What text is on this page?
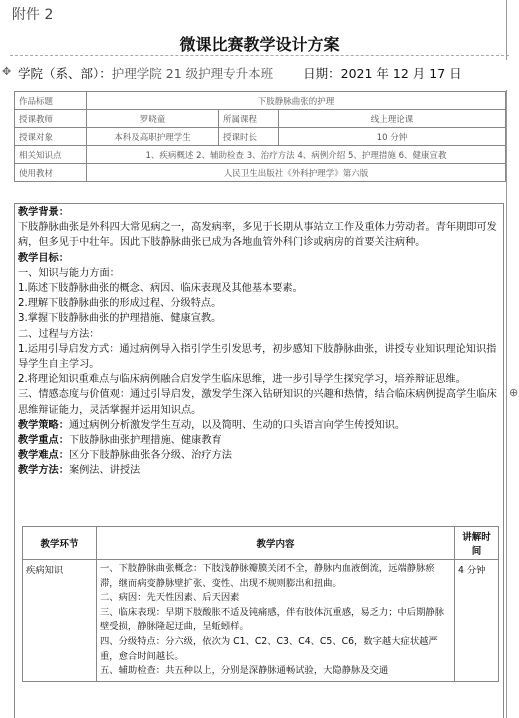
附件 2
微课比赛教学设计方案
✥ 学院（系、部）：护理学院 21 级护理专升本班 日期：2021 年 12 月 17 日
⊕
作品标题	下肢静脉曲张的护理		
授课教师	罗晓童	所属课程	线上理论课
授课对象	本科及高职护理学生	授课时长	10 分钟
相关知识点	1、疾病概述 2、辅助检查 3、治疗方法 4、病例介绍 5、护理措施 6、健康宣教		
使用教材	人民卫生出版社《外科护理学》第六版		

教学背景：

下肢静脉曲张是外科四大常见病之一，高发病率，多见于长期从事站立工作及重体力劳动者。青年期即可发病，但多见于中壮年。因此下肢静脉曲张已成为各地血管外科门诊或病房的首要关注病种。

教学目标：

一、知识与能力方面：

1.陈述下肢静脉曲张的概念、病因、临床表现及其他基本要素。

2.理解下肢静脉曲张的形成过程、分级特点。

3.掌握下肢静脉曲张的护理措施、健康宣教。

二、过程与方法：

1.运用引导启发方式：通过病例导入指引学生引发思考，初步感知下肢静脉曲张，讲授专业知识理论知识指导学生自主学习。

2.将理论知识重难点与临床病例融合启发学生临床思维，进一步引导学生探究学习，培养辩证思维。

三、情感态度与价值观：通过引导启发，激发学生深入钻研知识的兴趣和热情，结合临床病例提高学生临床思维辩证能力，灵活掌握并运用知识点。

教学策略：通过病例分析激发学生互动，以及简明、生动的口头语言向学生传授知识。

教学重点：下肢静脉曲张护理措施、健康教育

教学难点：区分下肢静脉曲张各分级、治疗方法

教学方法：案例法、讲授法

教学环节	教学内容	讲解时间
疾病知识	一、下肢静脉曲张概念：下肢浅静脉瓣膜关闭不全，静脉内血液倒流，远端静脉瘀滞，继而病变静脉壁扩张、变性、出现不规则膨出和扭曲。

二、病因：先天性因素、后天因素

三、临床表现：早期下肢酸胀不适及钝痛感，伴有肢体沉重感，易乏力；中后期静脉壁受损，静脉隆起迂曲，呈蚯蚓样。

四、分级特点：分六级，依次为 C1、C2、C3、C4、C5、C6，数字越大症状越严重，愈合时间越长。

五、辅助检查：共五种以上，分别是深静脉通畅试验，大隐静脉及交通	4 分钟
